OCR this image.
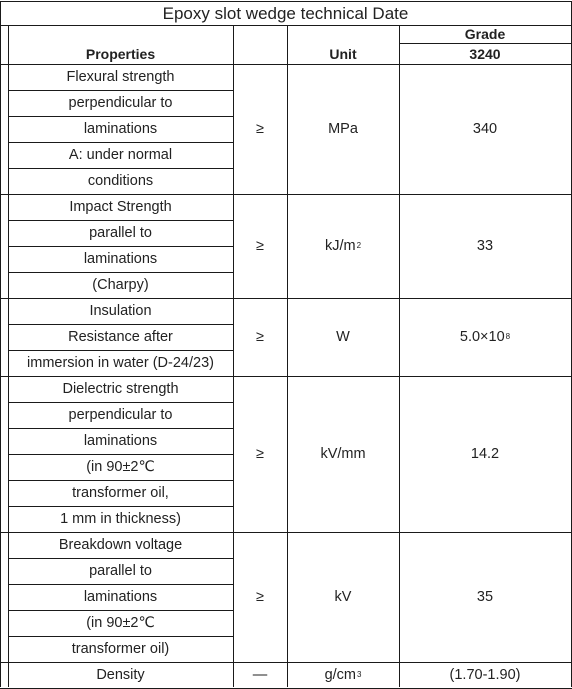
Epoxy slot wedge technical Date
Properties	Unit
Grade
3240
Flexural strength
perpendicular to
laminations
A: under normal
conditions
≥	MPa	340
Impact Strength
parallel to
laminations
(Charpy)
≥	kJ/m 2	33
Insulation
Resistance after
immersion in water (D-24/23)
≥	W	5.0×10 8
Dielectric strength
perpendicular to
laminations
(in 90±2℃
transformer oil,
1 mm in thickness)
≥	kV/mm	14.2
Breakdown voltage
parallel to
laminations
(in 90±2℃
transformer oil)
≥	kV	35
Density	—	g/cm 3	(1.70-1.90)
